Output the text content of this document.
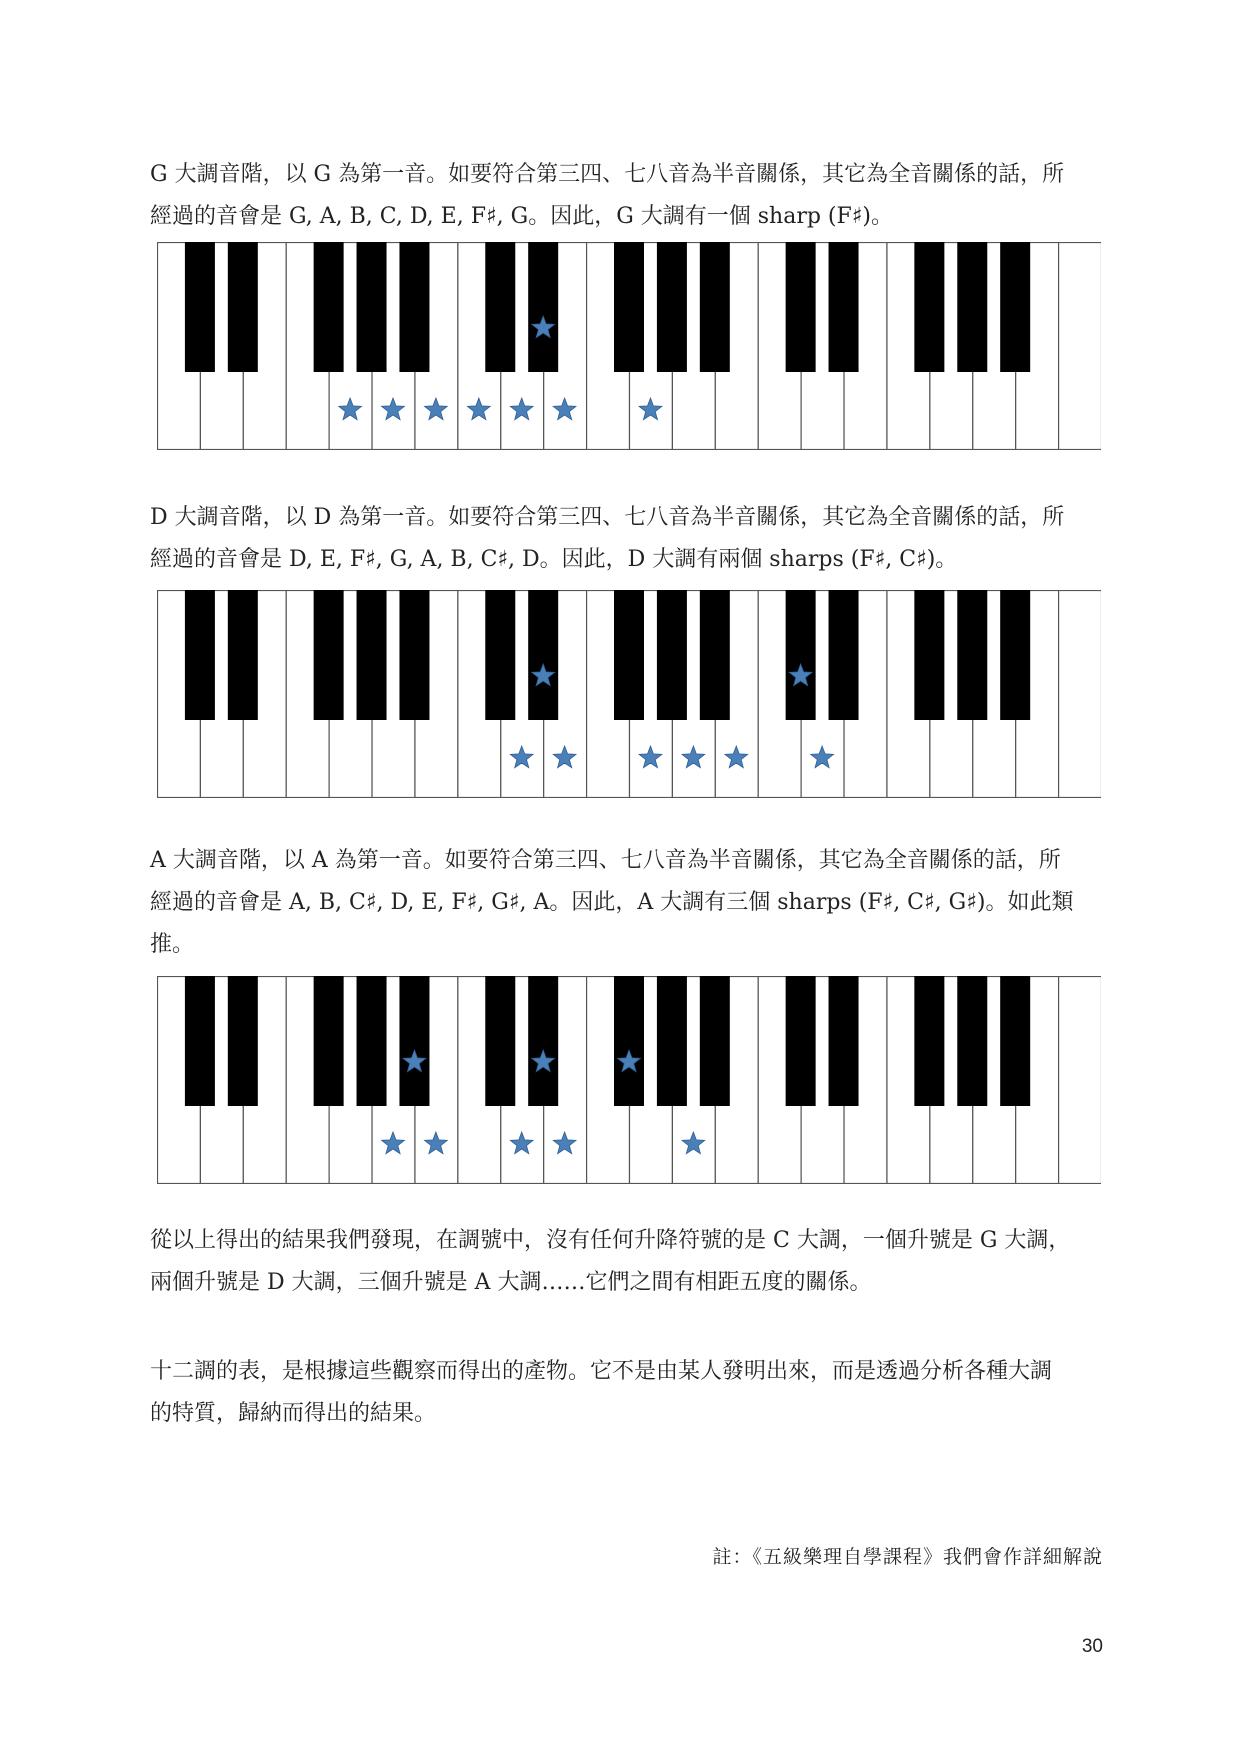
G 大調音階，以 G 為第一音。如要符合第三四、七八音為半音關係，其它為全音關係的話，所
經過的音會是 G, A, B, C, D, E, F♯, G。因此，G 大調有一個 sharp (F♯)。

D 大調音階，以 D 為第一音。如要符合第三四、七八音為半音關係，其它為全音關係的話，所
經過的音會是 D, E, F♯, G, A, B, C♯, D。因此，D 大調有兩個 sharps (F♯, C♯)。

A 大調音階，以 A 為第一音。如要符合第三四、七八音為半音關係，其它為全音關係的話，所
經過的音會是 A, B, C♯, D, E, F♯, G♯, A。因此，A 大調有三個 sharps (F♯, C♯, G♯)。如此類
推。

從以上得出的結果我們發現，在調號中，沒有任何升降符號的是 C 大調，一個升號是 G 大調，
兩個升號是 D 大調，三個升號是 A 大調……它們之間有相距五度的關係。

十二調的表，是根據這些觀察而得出的產物。它不是由某人發明出來，而是透過分析各種大調
的特質，歸納而得出的結果。

註：《五級樂理自學課程》我們會作詳細解說
30
